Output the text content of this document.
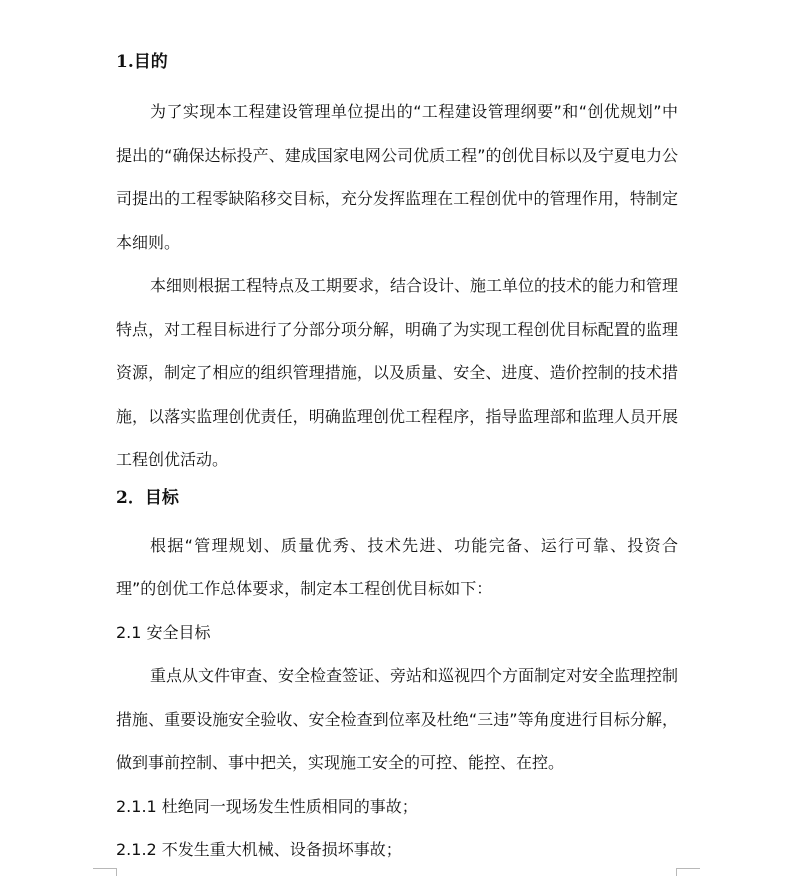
1.目的

为了实现本工程建设管理单位提出的“工程建设管理纲要”和“创优规划”中提出的“确保达标投产、建成国家电网公司优质工程”的创优目标以及宁夏电力公司提出的工程零缺陷移交目标，充分发挥监理在工程创优中的管理作用，特制定本细则。

本细则根据工程特点及工期要求，结合设计、施工单位的技术的能力和管理特点，对工程目标进行了分部分项分解，明确了为实现工程创优目标配置的监理资源，制定了相应的组织管理措施，以及质量、安全、进度、造价控制的技术措施，以落实监理创优责任，明确监理创优工程程序，指导监理部和监理人员开展工程创优活动。

2．目标

根据“管理规划、质量优秀、技术先进、功能完备、运行可靠、投资合理”的创优工作总体要求，制定本工程创优目标如下：

2.1 安全目标

重点从文件审查、安全检查签证、旁站和巡视四个方面制定对安全监理控制措施、重要设施安全验收、安全检查到位率及杜绝“三违”等角度进行目标分解，做到事前控制、事中把关，实现施工安全的可控、能控、在控。

2.1.1 杜绝同一现场发生性质相同的事故；

2.1.2 不发生重大机械、设备损坏事故；
